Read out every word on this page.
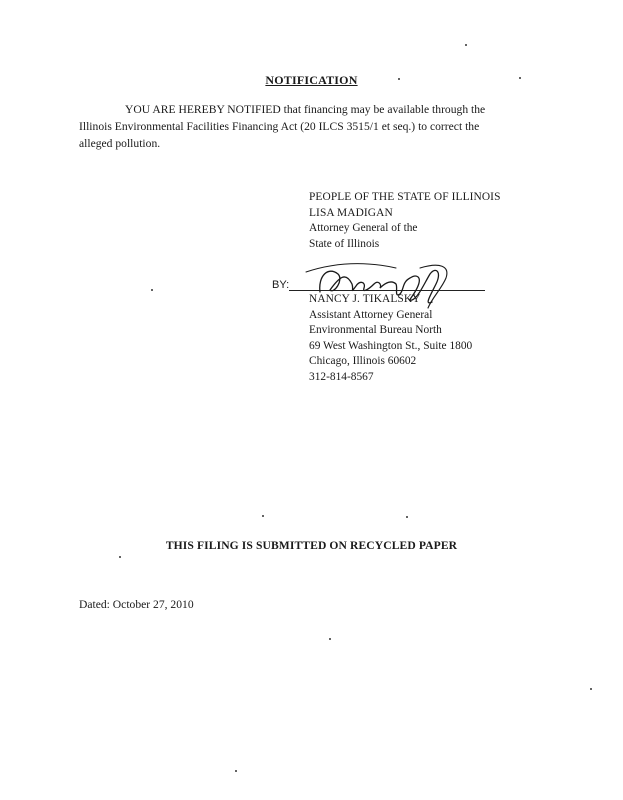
NOTIFICATION

YOU ARE HEREBY NOTIFIED that financing may be available through the Illinois Environmental Facilities Financing Act (20 ILCS 3515/1 et seq.) to correct the alleged pollution.

PEOPLE OF THE STATE OF ILLINOIS
LISA MADIGAN
Attorney General of the
State of Illinois
BY:
NANCY J. TIKALSKY
Assistant Attorney General
Environmental Bureau North
69 West Washington St., Suite 1800
Chicago, Illinois 60602
312-814-8567
THIS FILING IS SUBMITTED ON RECYCLED PAPER
Dated: October 27, 2010
